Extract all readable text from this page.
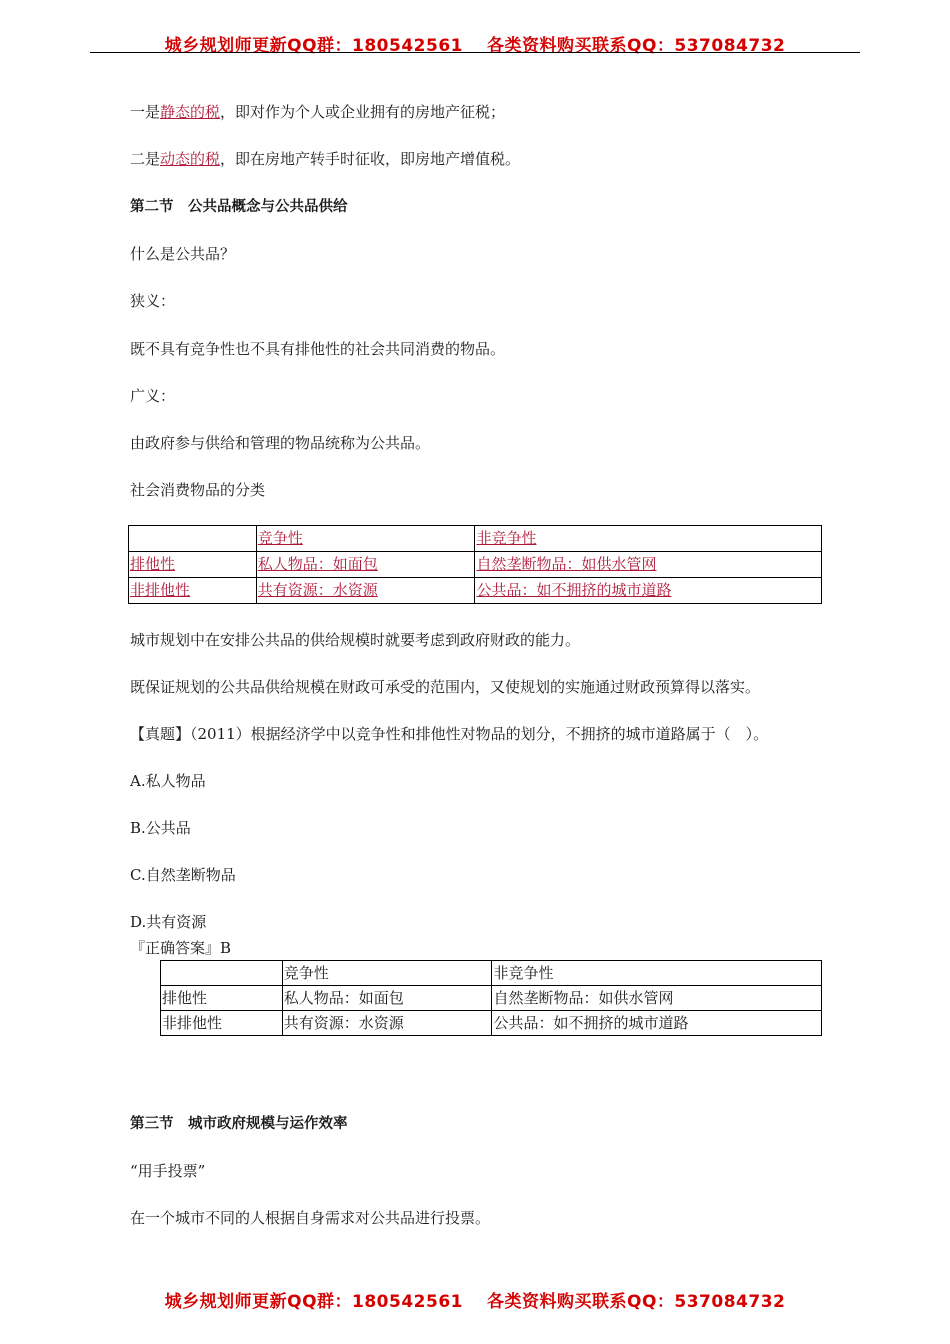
城乡规划师更新QQ群：180542561 各类资料购买联系QQ：537084732
一是静态的税，即对作为个人或企业拥有的房地产征税；
二是动态的税，即在房地产转手时征收，即房地产增值税。
第二节　公共品概念与公共品供给
什么是公共品？
狭义：
既不具有竞争性也不具有排他性的社会共同消费的物品。
广义：
由政府参与供给和管理的物品统称为公共品。
社会消费物品的分类
	竞争性	非竞争性
排他性	私人物品：如面包	自然垄断物品：如供水管网
非排他性	共有资源：水资源	公共品：如不拥挤的城市道路
城市规划中在安排公共品的供给规模时就要考虑到政府财政的能力。
既保证规划的公共品供给规模在财政可承受的范围内，又使规划的实施通过财政预算得以落实。
【真题】（2011）根据经济学中以竞争性和排他性对物品的划分，不拥挤的城市道路属于（　）。
A.私人物品
B.公共品
C.自然垄断物品
D.共有资源
『正确答案』B
	竞争性	非竞争性
排他性	私人物品：如面包	自然垄断物品：如供水管网
非排他性	共有资源：水资源	公共品：如不拥挤的城市道路
第三节　城市政府规模与运作效率
“用手投票”
在一个城市不同的人根据自身需求对公共品进行投票。
城乡规划师更新QQ群：180542561 各类资料购买联系QQ：537084732
